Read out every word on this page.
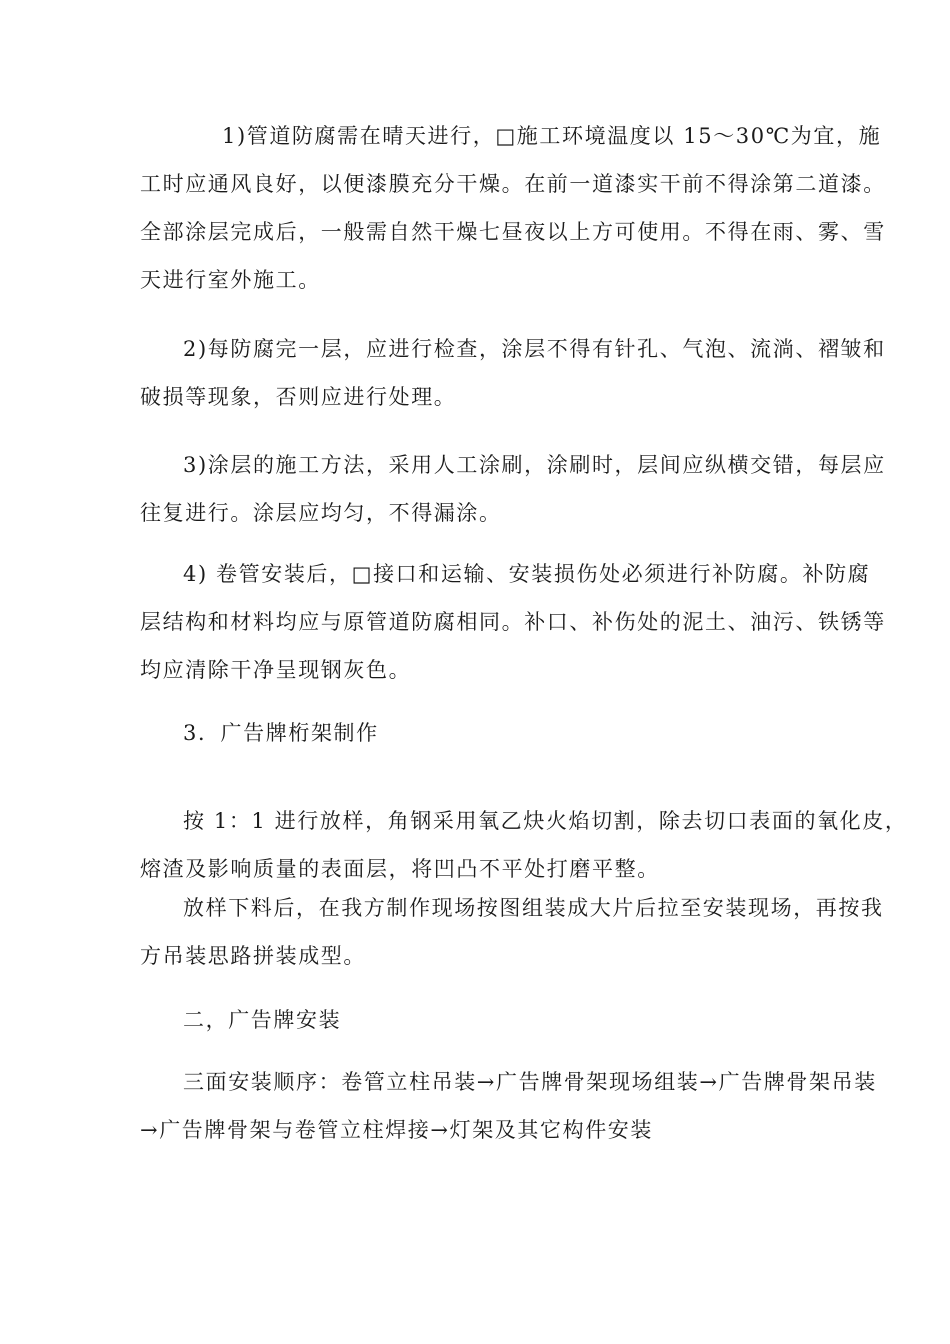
1)管道防腐需在晴天进行，□施工环境温度以 15～30℃为宜，施
工时应通风良好，以便漆膜充分干燥。在前一道漆实干前不得涂第二道漆。
全部涂层完成后，一般需自然干燥七昼夜以上方可使用。不得在雨、雾、雪
天进行室外施工。
2)每防腐完一层，应进行检查，涂层不得有针孔、气泡、流淌、褶皱和
破损等现象，否则应进行处理。
3)涂层的施工方法，采用人工涂刷，涂刷时，层间应纵横交错，每层应
往复进行。涂层应均匀，不得漏涂。
4) 卷管安装后，□接口和运输、安装损伤处必须进行补防腐。补防腐
层结构和材料均应与原管道防腐相同。补口、补伤处的泥土、油污、铁锈等
均应清除干净呈现钢灰色。
3．广告牌桁架制作
按 1：1 进行放样，角钢采用氧乙炔火焰切割，除去切口表面的氧化皮，
熔渣及影响质量的表面层，将凹凸不平处打磨平整。
放样下料后，在我方制作现场按图组装成大片后拉至安装现场，再按我
方吊装思路拼装成型。
二，广告牌安装
三面安装顺序：卷管立柱吊装→广告牌骨架现场组装→广告牌骨架吊装
→广告牌骨架与卷管立柱焊接→灯架及其它构件安装
